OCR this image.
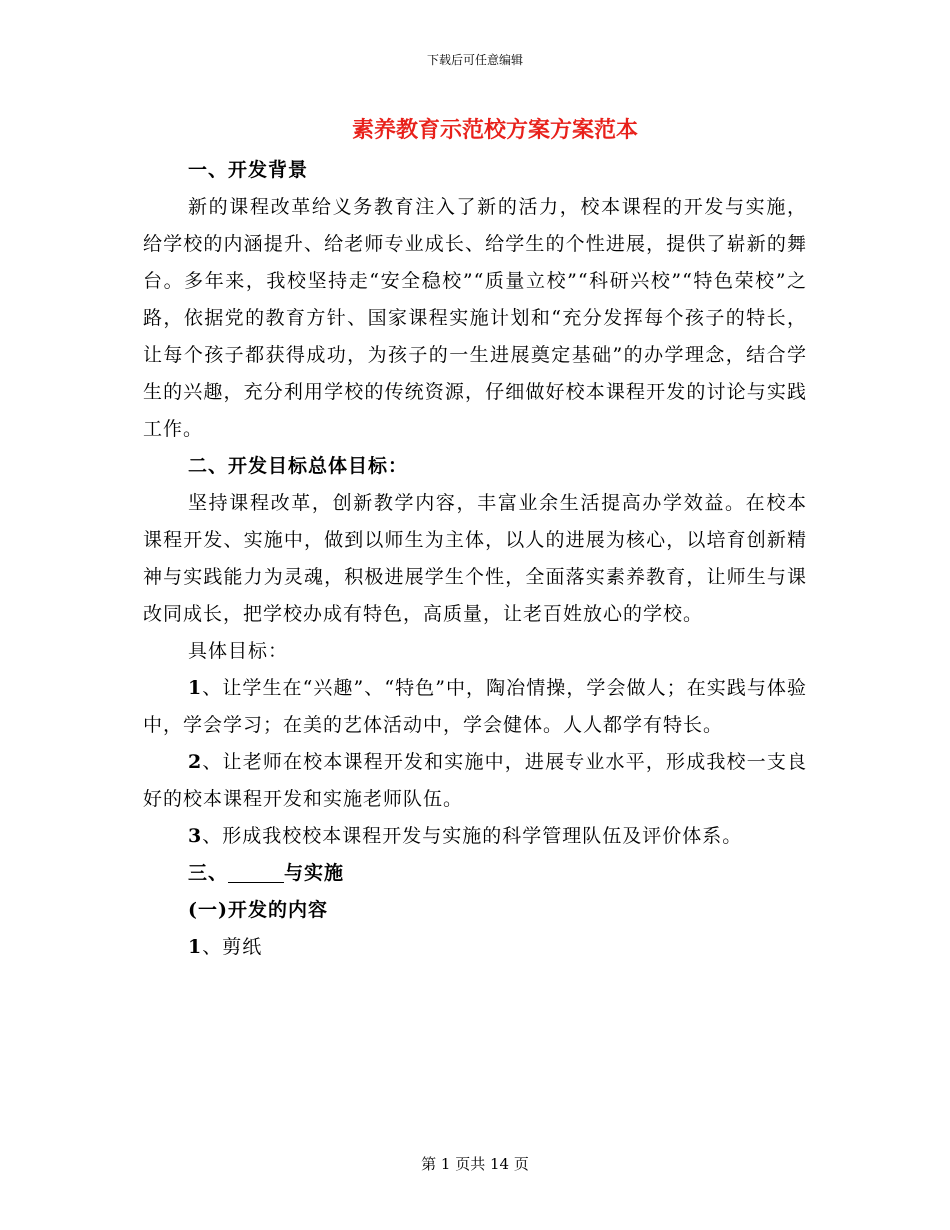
下载后可任意编辑
素养教育示范校方案方案范本

一、开发背景

新的课程改革给义务教育注入了新的活力，校本课程的开发与实施，给学校的内涵提升、给老师专业成长、给学生的个性进展，提供了崭新的舞台。多年来，我校坚持走“安全稳校”“质量立校”“科研兴校”“特色荣校”之路，依据党的教育方针、国家课程实施计划和“充分发挥每个孩子的特长，让每个孩子都获得成功，为孩子的一生进展奠定基础”的办学理念，结合学生的兴趣，充分利用学校的传统资源，仔细做好校本课程开发的讨论与实践工作。

二、开发目标总体目标：

坚持课程改革，创新教学内容，丰富业余生活提高办学效益。在校本课程开发、实施中，做到以师生为主体，以人的进展为核心，以培育创新精神与实践能力为灵魂，积极进展学生个性，全面落实素养教育，让师生与课改同成长，把学校办成有特色，高质量，让老百姓放心的学校。

具体目标：

1、让学生在“兴趣”、“特色”中，陶冶情操，学会做人；在实践与体验中，学会学习；在美的艺体活动中，学会健体。人人都学有特长。

2、让老师在校本课程开发和实施中，进展专业水平，形成我校一支良好的校本课程开发和实施老师队伍。

3、形成我校校本课程开发与实施的科学管理队伍及评价体系。

三、	与实施

(一)开发的内容

1、剪纸

第 1 页共 14 页
